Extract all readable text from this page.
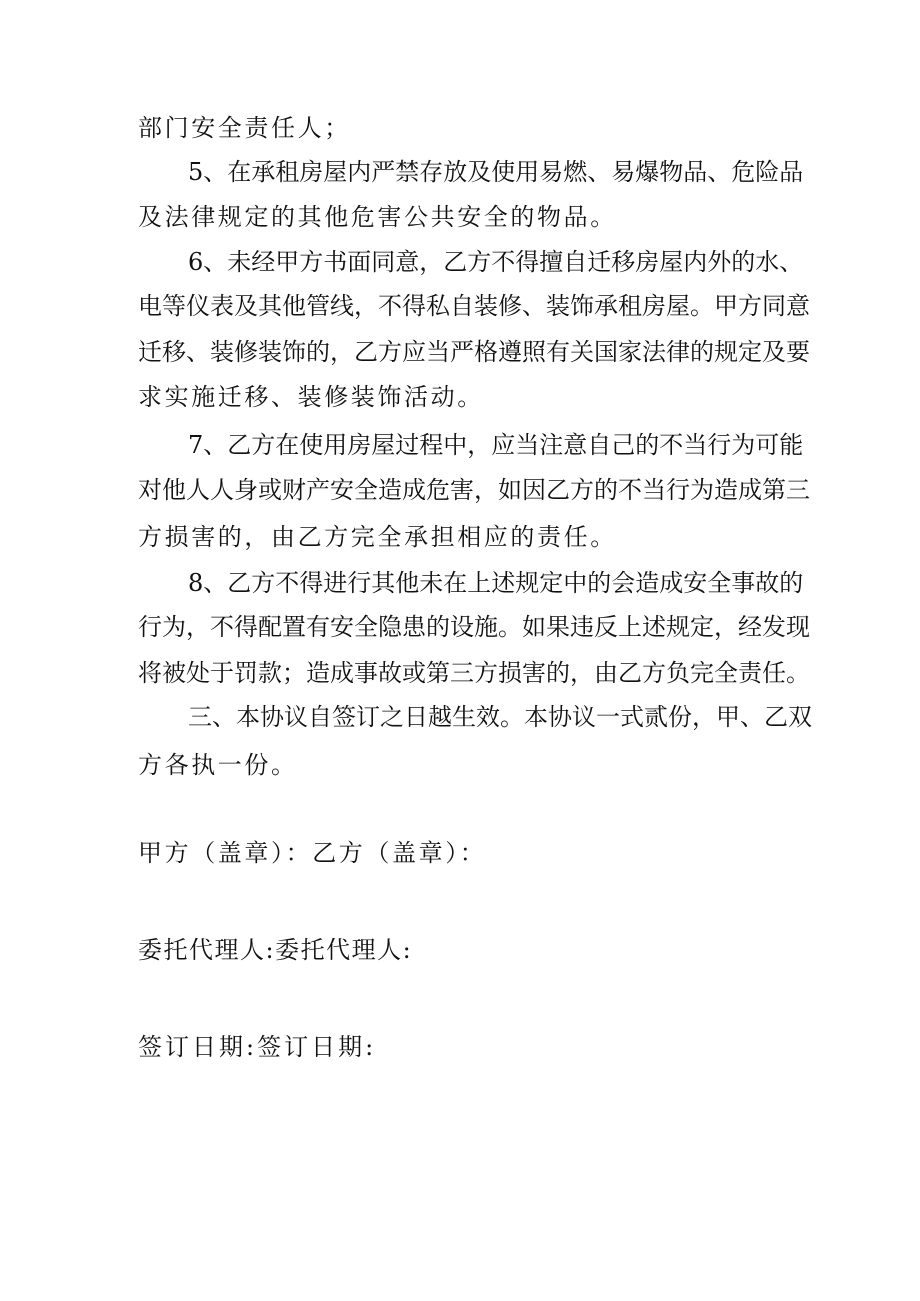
部门安全责任人；
5、在承租房屋内严禁存放及使用易燃、易爆物品、危险品
及法律规定的其他危害公共安全的物品。
6、未经甲方书面同意，乙方不得擅自迁移房屋内外的水、
电等仪表及其他管线，不得私自装修、装饰承租房屋。甲方同意
迁移、装修装饰的，乙方应当严格遵照有关国家法律的规定及要
求实施迁移、装修装饰活动。
7、乙方在使用房屋过程中，应当注意自己的不当行为可能
对他人人身或财产安全造成危害，如因乙方的不当行为造成第三
方损害的，由乙方完全承担相应的责任。
8、乙方不得进行其他未在上述规定中的会造成安全事故的
行为，不得配置有安全隐患的设施。如果违反上述规定，经发现
将被处于罚款；造成事故或第三方损害的，由乙方负完全责任。
三、本协议自签订之日越生效。本协议一式贰份，甲、乙双
方各执一份。
甲方（盖章）：乙方（盖章）：
委托代理人:委托代理人:
签订日期:签订日期:
